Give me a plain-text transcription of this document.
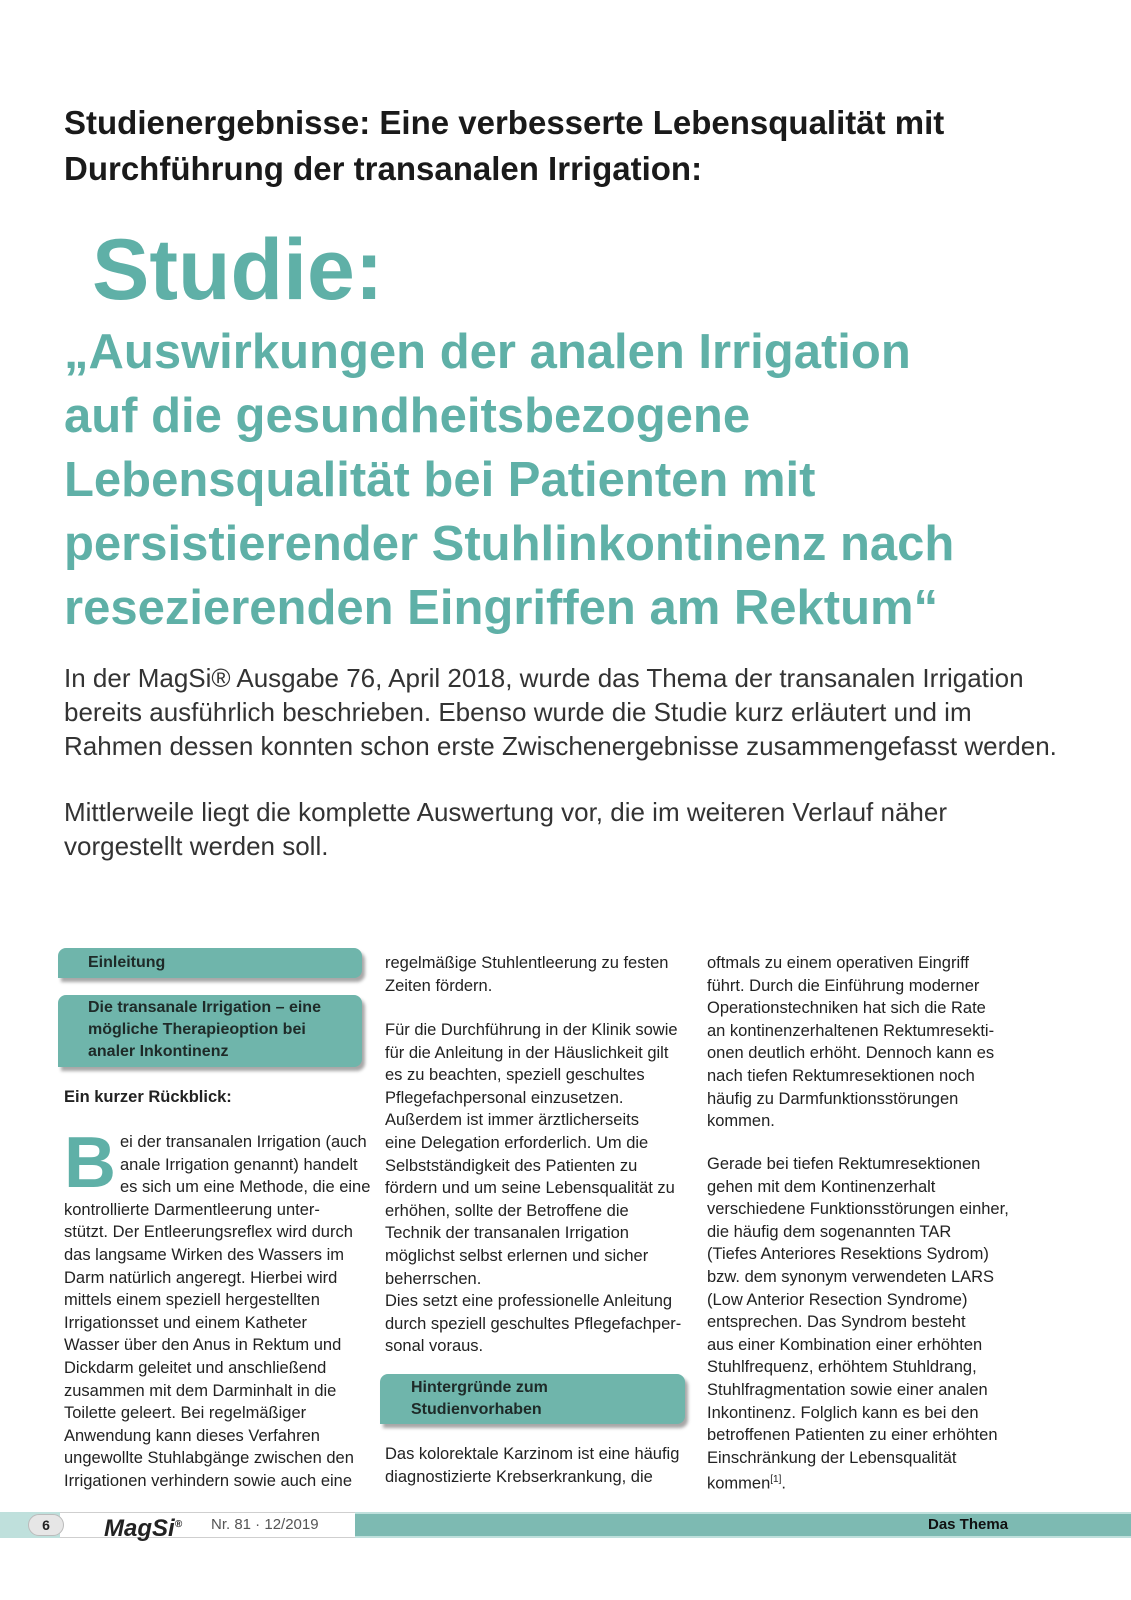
Studienergebnisse: Eine verbesserte Lebensqualität mit
Durchführung der transanalen Irrigation:
Studie:
„Auswirkungen der analen Irrigation
auf die gesundheitsbezogene
Lebensqualität bei Patienten mit
persistierender Stuhlinkontinenz nach
resezierenden Eingriffen am Rektum“
In der MagSi® Ausgabe 76, April 2018, wurde das Thema der transanalen Irrigation
bereits ausführlich beschrieben. Ebenso wurde die Studie kurz erläutert und im
Rahmen dessen konnten schon erste Zwischenergebnisse zusammengefasst werden.
Mittlerweile liegt die komplette Auswertung vor, die im weiteren Verlauf näher
vorgestellt werden soll.
Einleitung
Die transanale Irrigation – eine
mögliche Therapieoption bei
analer Inkontinenz
Ein kurzer Rückblick:
B ei der transanalen Irrigation (auch
anale Irrigation genannt) handelt
es sich um eine Methode, die eine
kontrollierte Darmentleerung unter-
stützt. Der Entleerungsreflex wird durch
das langsame Wirken des Wassers im
Darm natürlich angeregt. Hierbei wird
mittels einem speziell hergestellten
Irrigationsset und einem Katheter
Wasser über den Anus in Rektum und
Dickdarm geleitet und anschließend
zusammen mit dem Darminhalt in die
Toilette geleert. Bei regelmäßiger
Anwendung kann dieses Verfahren
ungewollte Stuhlabgänge zwischen den
Irrigationen verhindern sowie auch eine
regelmäßige Stuhlentleerung zu festen
Zeiten fördern.
Für die Durchführung in der Klinik sowie
für die Anleitung in der Häuslichkeit gilt
es zu beachten, speziell geschultes
Pflegefachpersonal einzusetzen.
Außerdem ist immer ärztlicherseits
eine Delegation erforderlich. Um die
Selbstständigkeit des Patienten zu
fördern und um seine Lebensqualität zu
erhöhen, sollte der Betroffene die
Technik der transanalen Irrigation
möglichst selbst erlernen und sicher
beherrschen.
Dies setzt eine professionelle Anleitung
durch speziell geschultes Pflegefachper-
sonal voraus.
Hintergründe zum
Studienvorhaben
Das kolorektale Karzinom ist eine häufig
diagnostizierte Krebserkrankung, die
oftmals zu einem operativen Eingriff
führt. Durch die Einführung moderner
Operationstechniken hat sich die Rate
an kontinenzerhaltenen Rektumresekti-
onen deutlich erhöht. Dennoch kann es
nach tiefen Rektumresektionen noch
häufig zu Darmfunktionsstörungen
kommen.
Gerade bei tiefen Rektumresektionen
gehen mit dem Kontinenzerhalt
verschiedene Funktionsstörungen einher,
die häufig dem sogenannten TAR
(Tiefes Anteriores Resektions Sydrom)
bzw. dem synonym verwendeten LARS
(Low Anterior Resection Syndrome)
entsprechen. Das Syndrom besteht
aus einer Kombination einer erhöhten
Stuhlfrequenz, erhöhtem Stuhldrang,
Stuhlfragmentation sowie einer analen
Inkontinenz. Folglich kann es bei den
betroffenen Patienten zu einer erhöhten
Einschränkung der Lebensqualität
kommen[1].
6	MagSi® Nr. 81 · 12/2019	Das Thema
